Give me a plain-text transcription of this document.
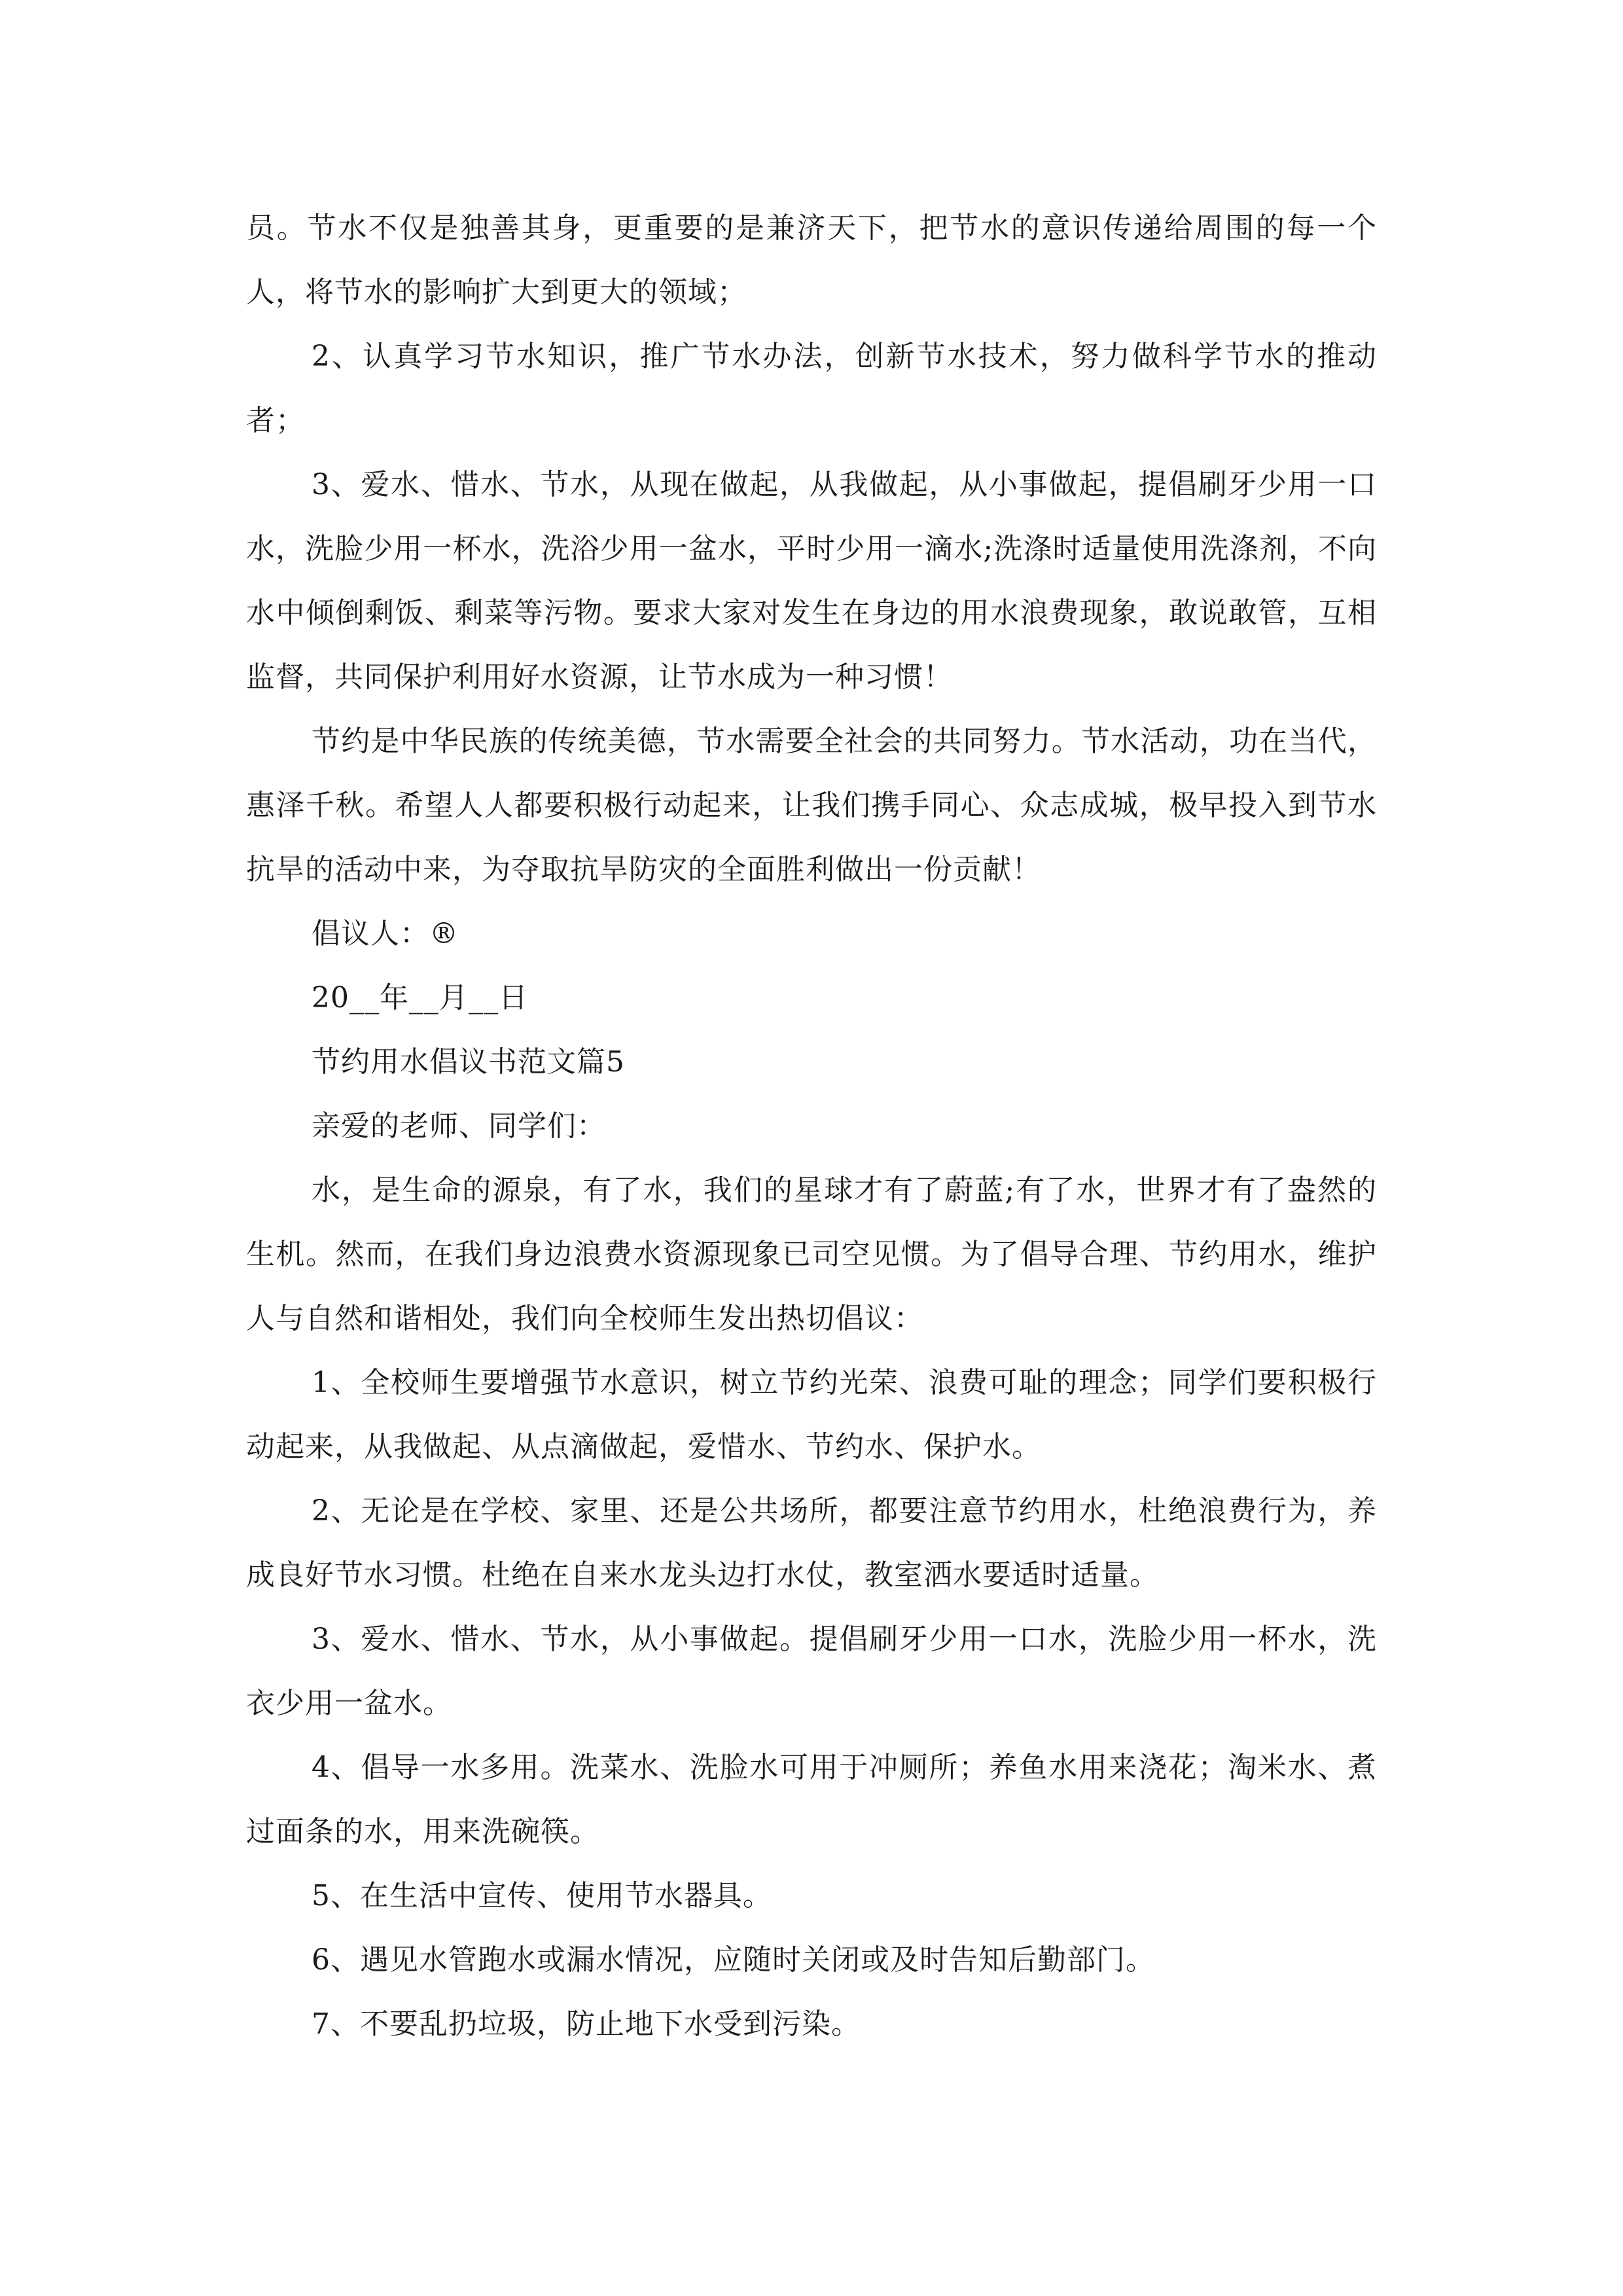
员。节水不仅是独善其身，更重要的是兼济天下，把节水的意识传递给周围的每一个人，将节水的影响扩大到更大的领域；

2、认真学习节水知识，推广节水办法，创新节水技术，努力做科学节水的推动者；

3、爱水、惜水、节水，从现在做起，从我做起，从小事做起，提倡刷牙少用一口水，洗脸少用一杯水，洗浴少用一盆水，平时少用一滴水;洗涤时适量使用洗涤剂，不向水中倾倒剩饭、剩菜等污物。要求大家对发生在身边的用水浪费现象，敢说敢管，互相监督，共同保护利用好水资源，让节水成为一种习惯！

节约是中华民族的传统美德，节水需要全社会的共同努力。节水活动，功在当代，惠泽千秋。希望人人都要积极行动起来，让我们携手同心、众志成城，极早投入到节水抗旱的活动中来，为夺取抗旱防灾的全面胜利做出一份贡献！

倡议人：®

20__年__月__日

节约用水倡议书范文篇5

亲爱的老师、同学们：

水，是生命的源泉，有了水，我们的星球才有了蔚蓝;有了水，世界才有了盎然的生机。然而，在我们身边浪费水资源现象已司空见惯。为了倡导合理、节约用水，维护人与自然和谐相处，我们向全校师生发出热切倡议：

1、全校师生要增强节水意识，树立节约光荣、浪费可耻的理念；同学们要积极行动起来，从我做起、从点滴做起，爱惜水、节约水、保护水。

2、无论是在学校、家里、还是公共场所，都要注意节约用水，杜绝浪费行为，养成良好节水习惯。杜绝在自来水龙头边打水仗，教室洒水要适时适量。

3、爱水、惜水、节水，从小事做起。提倡刷牙少用一口水，洗脸少用一杯水，洗衣少用一盆水。

4、倡导一水多用。洗菜水、洗脸水可用于冲厕所；养鱼水用来浇花；淘米水、煮过面条的水，用来洗碗筷。

5、在生活中宣传、使用节水器具。

6、遇见水管跑水或漏水情况，应随时关闭或及时告知后勤部门。

7、不要乱扔垃圾，防止地下水受到污染。
